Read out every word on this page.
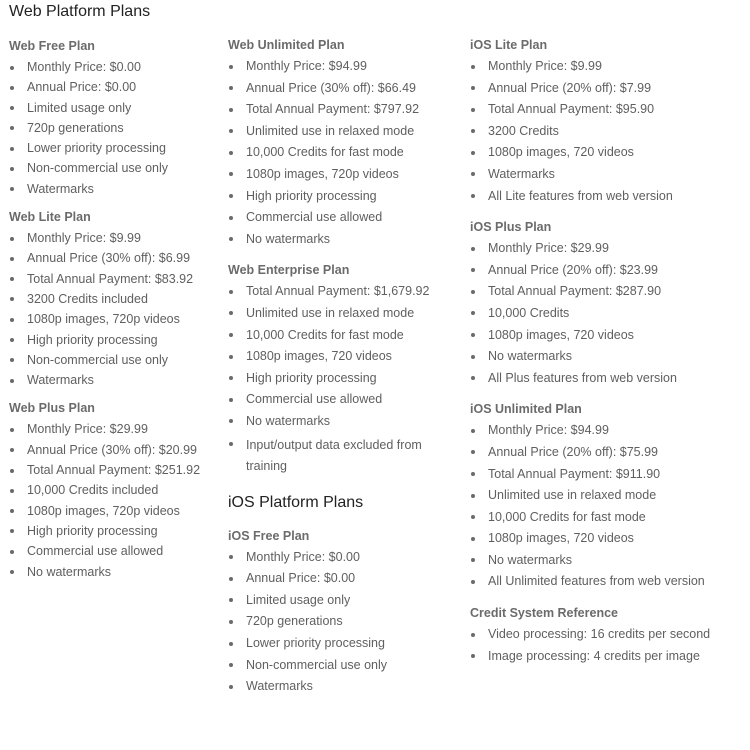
Web Platform Plans
Web Free Plan
Monthly Price: $0.00
Annual Price: $0.00
Limited usage only
720p generations
Lower priority processing
Non-commercial use only
Watermarks
Web Lite Plan
Monthly Price: $9.99
Annual Price (30% off): $6.99
Total Annual Payment: $83.92
3200 Credits included
1080p images, 720p videos
High priority processing
Non-commercial use only
Watermarks
Web Plus Plan
Monthly Price: $29.99
Annual Price (30% off): $20.99
Total Annual Payment: $251.92
10,000 Credits included
1080p images, 720p videos
High priority processing
Commercial use allowed
No watermarks
Web Unlimited Plan
Monthly Price: $94.99
Annual Price (30% off): $66.49
Total Annual Payment: $797.92
Unlimited use in relaxed mode
10,000 Credits for fast mode
1080p images, 720p videos
High priority processing
Commercial use allowed
No watermarks
Web Enterprise Plan
Total Annual Payment: $1,679.92
Unlimited use in relaxed mode
10,000 Credits for fast mode
1080p images, 720 videos
High priority processing
Commercial use allowed
No watermarks
Input/output data excluded from training
iOS Platform Plans
iOS Free Plan
Monthly Price: $0.00
Annual Price: $0.00
Limited usage only
720p generations
Lower priority processing
Non-commercial use only
Watermarks
iOS Lite Plan
Monthly Price: $9.99
Annual Price (20% off): $7.99
Total Annual Payment: $95.90
3200 Credits
1080p images, 720 videos
Watermarks
All Lite features from web version
iOS Plus Plan
Monthly Price: $29.99
Annual Price (20% off): $23.99
Total Annual Payment: $287.90
10,000 Credits
1080p images, 720 videos
No watermarks
All Plus features from web version
iOS Unlimited Plan
Monthly Price: $94.99
Annual Price (20% off): $75.99
Total Annual Payment: $911.90
Unlimited use in relaxed mode
10,000 Credits for fast mode
1080p images, 720 videos
No watermarks
All Unlimited features from web version
Credit System Reference
Video processing: 16 credits per second
Image processing: 4 credits per image
